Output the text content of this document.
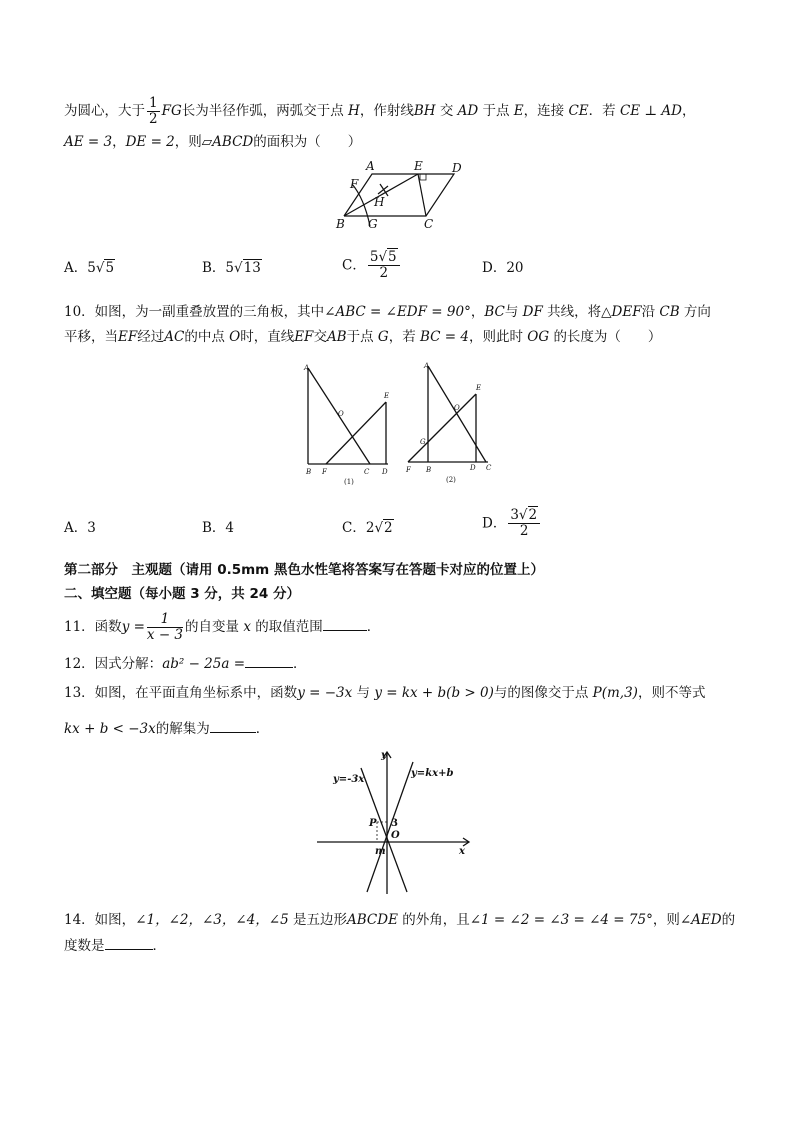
为圆心，大于 $\frac{1}{2}$ FG长为半径作弧，两弧交于点 H，作射线BH 交 AD 于点 E，连接 CE．若 CE ⊥ AD，
AE = 3，DE = 2，则▱ABCD的面积为（　　）
A	E D
F
H
B G	C
A．5√5	B．5√13	C． $\frac{5√5}{2}$	D．20
10．如图，为一副重叠放置的三角板，其中∠ABC = ∠EDF = 90°，BC与 DF 共线，将△DEF沿 CB 方向
平移，当EF经过AC的中点 O时，直线EF交AB于点 G，若 BC = 4，则此时 OG 的长度为（　　）
A
O
E
B F	C D
(1)
A
E
O
G
F B	D C
(2)
A．3	B．4	C．2√2	D． $\frac{3√2}{2}$
第二部分　主观题（请用 0.5mm 黑色水性笔将答案写在答题卡对应的位置上）
二、填空题（每小题 3 分，共 24 分）
11．函数$y = \frac{1}{x - 3}$ 的自变量 x 的取值范围	．
12．因式分解：ab² − 25a =	．
13．如图，在平面直角坐标系中，函数y = −3x 与 y = kx + b(b > 0)与的图像交于点 P(m,3)，则不等式
kx + b < −3x的解集为	．
y
y=-3x
y=kx+b
P 3
O
m	x
14．如图，∠1，∠2，∠3，∠4，∠5 是五边形ABCDE 的外角，且∠1 = ∠2 = ∠3 = ∠4 = 75°，则∠AED的
度数是	．
